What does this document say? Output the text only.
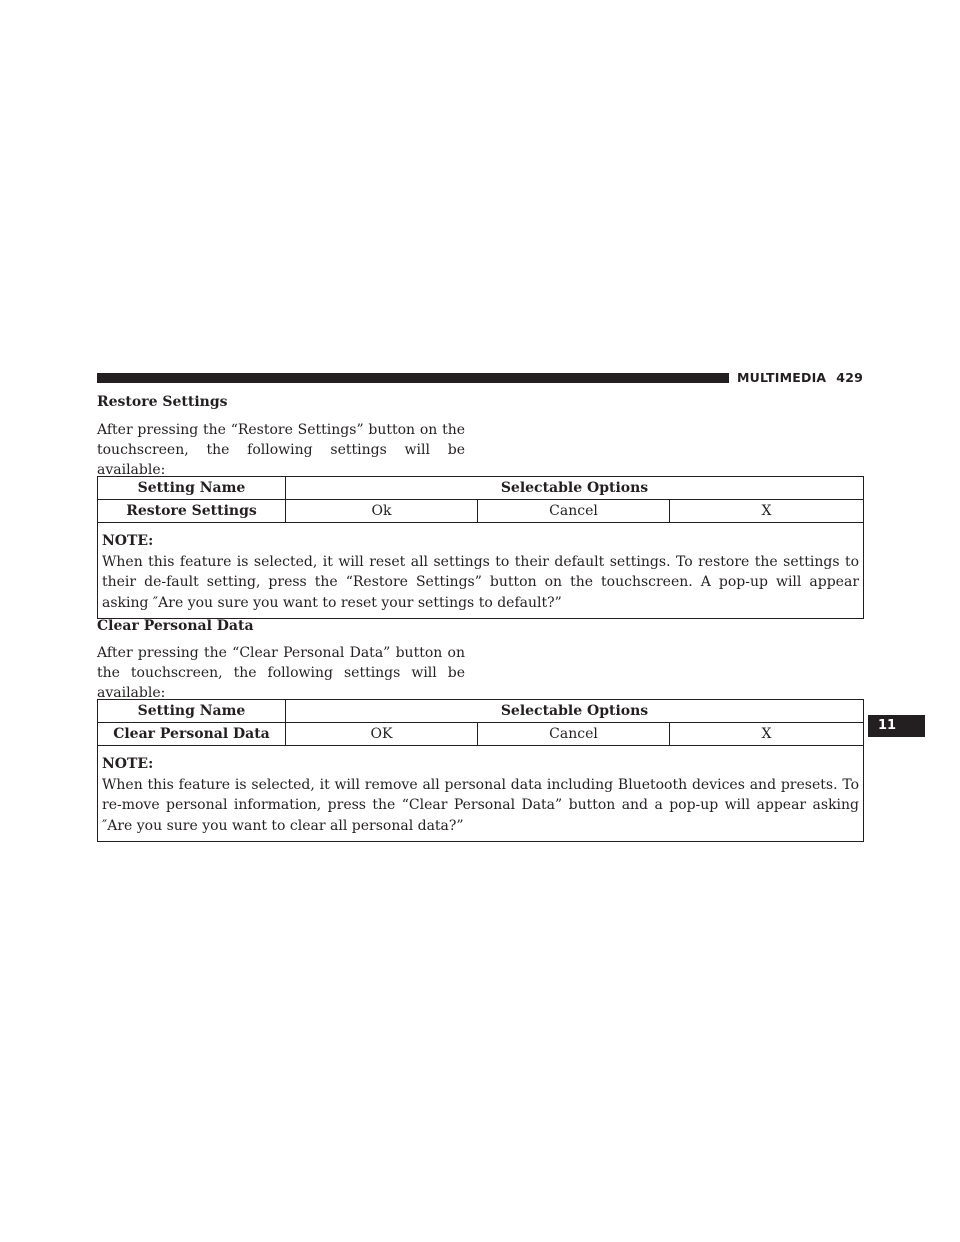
MULTIMEDIA 429
Restore Settings
After pressing the “Restore Settings” button on the touchscreen, the following settings will be available:
Setting Name	Selectable Options		
Restore Settings	Ok	Cancel	X

NOTE:
When this feature is selected, it will reset all settings to their default settings. To restore the settings to their de-fault setting, press the “Restore Settings” button on the touchscreen. A pop-up will appear asking ″Are you sure you want to reset your settings to default?”			
Clear Personal Data
After pressing the “Clear Personal Data” button on the touchscreen, the following settings will be available:
Setting Name	Selectable Options		
Clear Personal Data	OK	Cancel	X

NOTE:
When this feature is selected, it will remove all personal data including Bluetooth devices and presets. To re-move personal information, press the “Clear Personal Data” button and a pop-up will appear asking ″Are you sure you want to clear all personal data?”			
11
